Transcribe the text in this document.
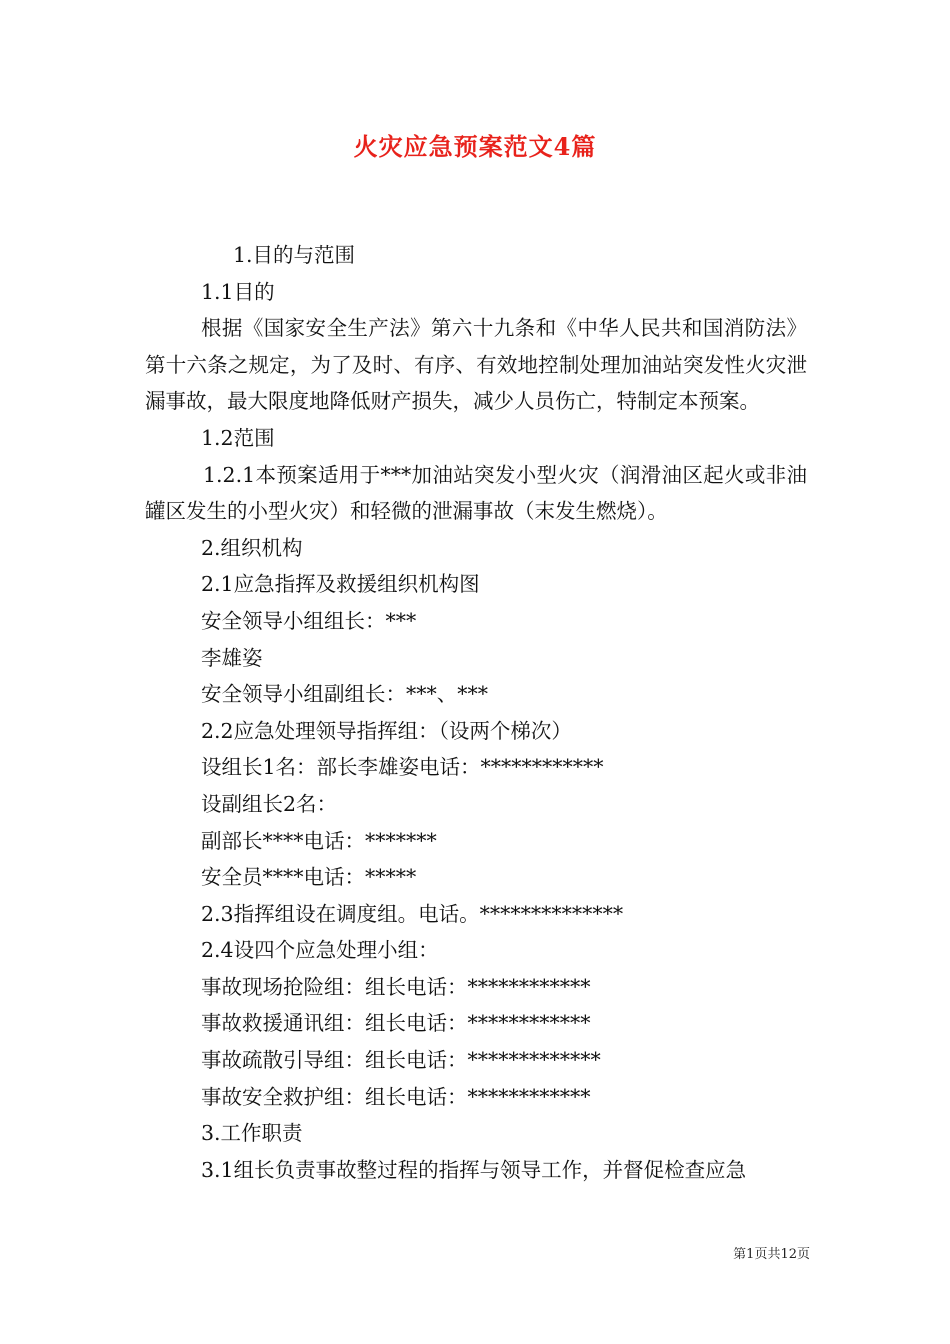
火灾应急预案范文4篇

1.目的与范围

1.1目的

根据《国家安全生产法》第六十九条和《中华人民共和国消防法》第十六条之规定，为了及时、有序、有效地控制处理加油站突发性火灾泄漏事故，最大限度地降低财产损失，减少人员伤亡，特制定本预案。

1.2范围

1.2.1本预案适用于***加油站突发小型火灾（润滑油区起火或非油罐区发生的小型火灾）和轻微的泄漏事故（末发生燃烧）。

2.组织机构

2.1应急指挥及救援组织机构图

安全领导小组组长：***

李雄姿

安全领导小组副组长：***、***

2.2应急处理领导指挥组：（设两个梯次）

设组长1名：部长李雄姿电话：************

设副组长2名：

副部长****电话：*******

安全员****电话：*****

2.3指挥组设在调度组。电话。**************

2.4设四个应急处理小组：

事故现场抢险组：组长电话：************

事故救援通讯组：组长电话：************

事故疏散引导组：组长电话：*************

事故安全救护组：组长电话：************

3.工作职责

3.1组长负责事故整过程的指挥与领导工作，并督促检查应急

第1页共12页
